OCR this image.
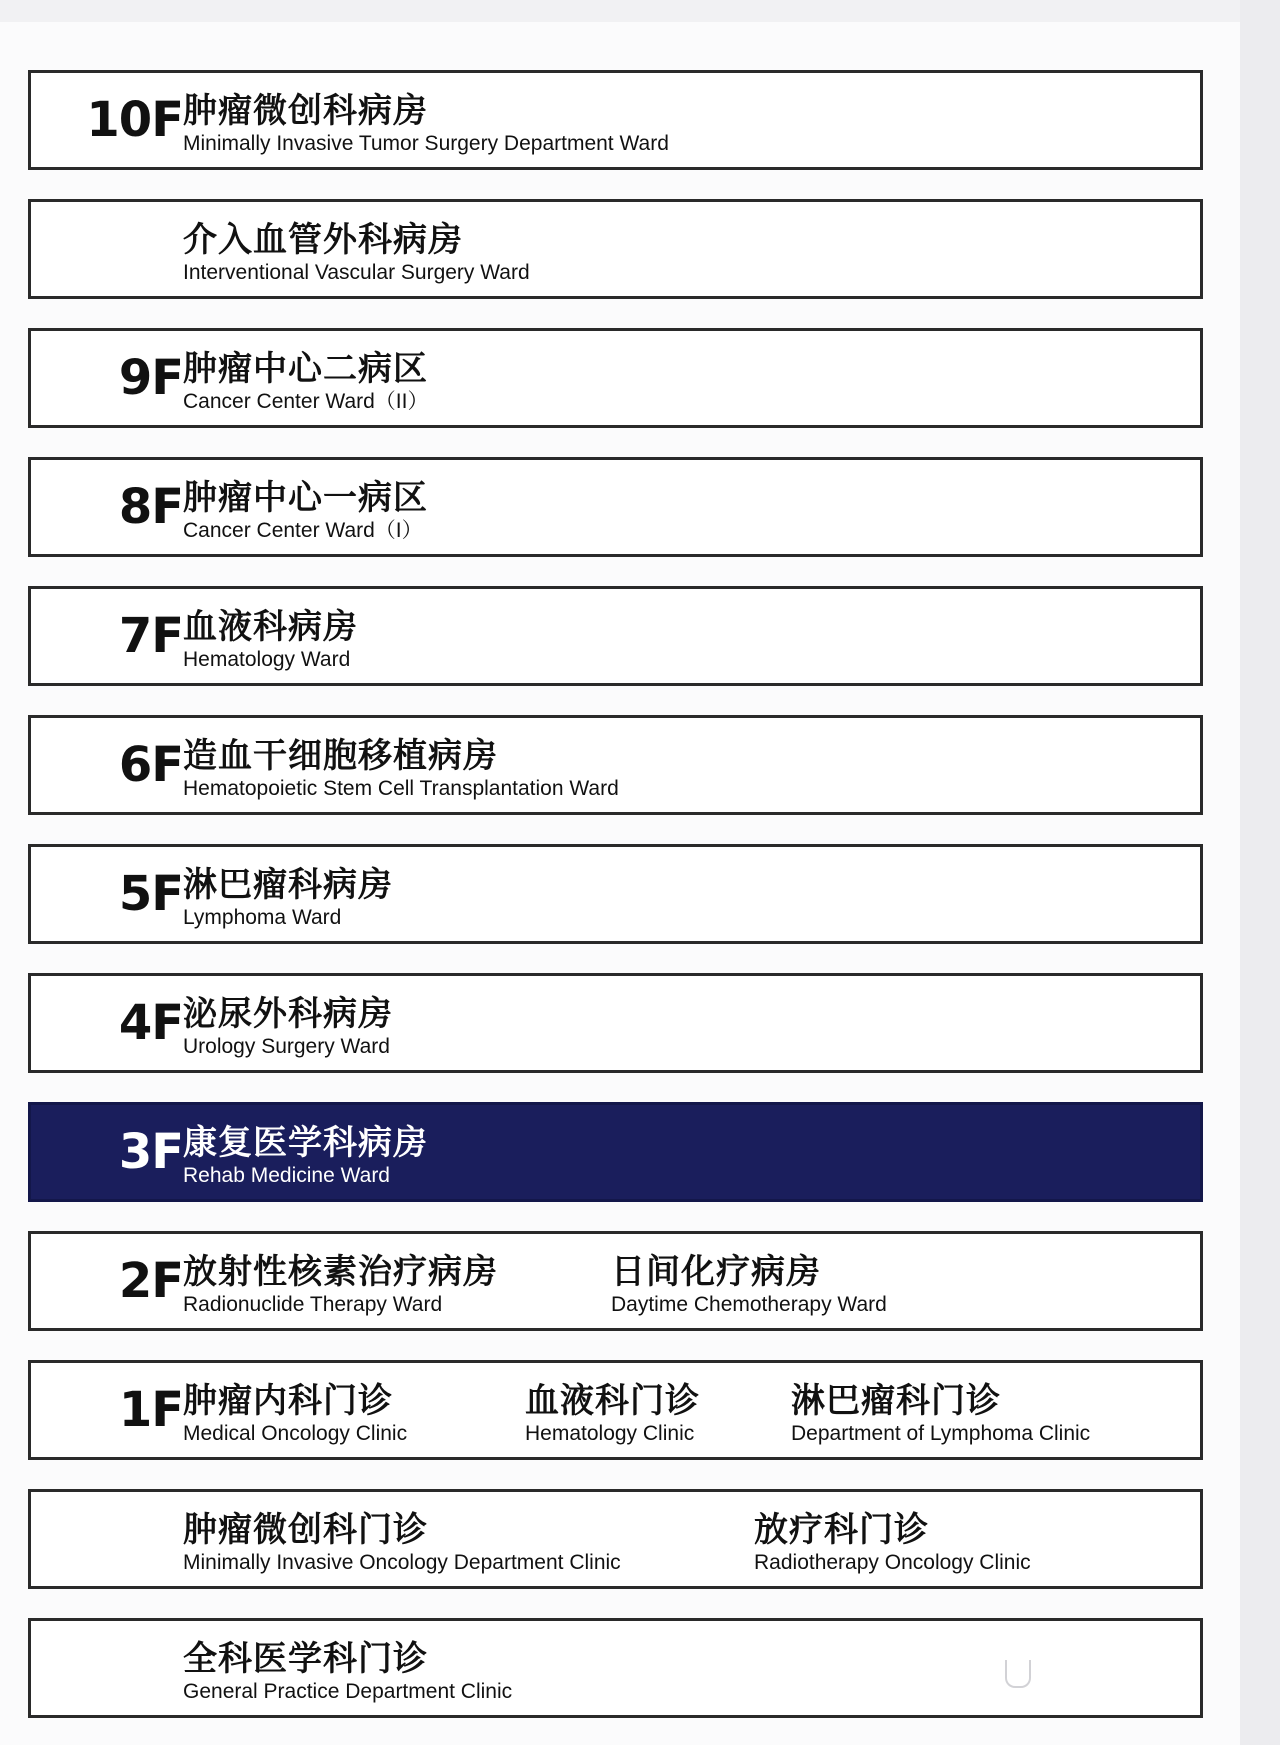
10F 肿瘤微创科病房
Minimally Invasive Tumor Surgery Department Ward
介入血管外科病房
Interventional Vascular Surgery Ward
9F 肿瘤中心二病区
Cancer Center Ward（II）
8F 肿瘤中心一病区
Cancer Center Ward（I）
7F 血液科病房
Hematology Ward
6F 造血干细胞移植病房
Hematopoietic Stem Cell Transplantation Ward
5F 淋巴瘤科病房
Lymphoma Ward
4F 泌尿外科病房
Urology Surgery Ward
3F 康复医学科病房
Rehab Medicine Ward
2F 放射性核素治疗病房
Radionuclide Therapy Ward
日间化疗病房
Daytime Chemotherapy Ward
1F 肿瘤内科门诊
Medical Oncology Clinic
血液科门诊
Hematology Clinic
淋巴瘤科门诊
Department of Lymphoma Clinic
肿瘤微创科门诊
Minimally Invasive Oncology Department Clinic
放疗科门诊
Radiotherapy Oncology Clinic
全科医学科门诊
General Practice Department Clinic
